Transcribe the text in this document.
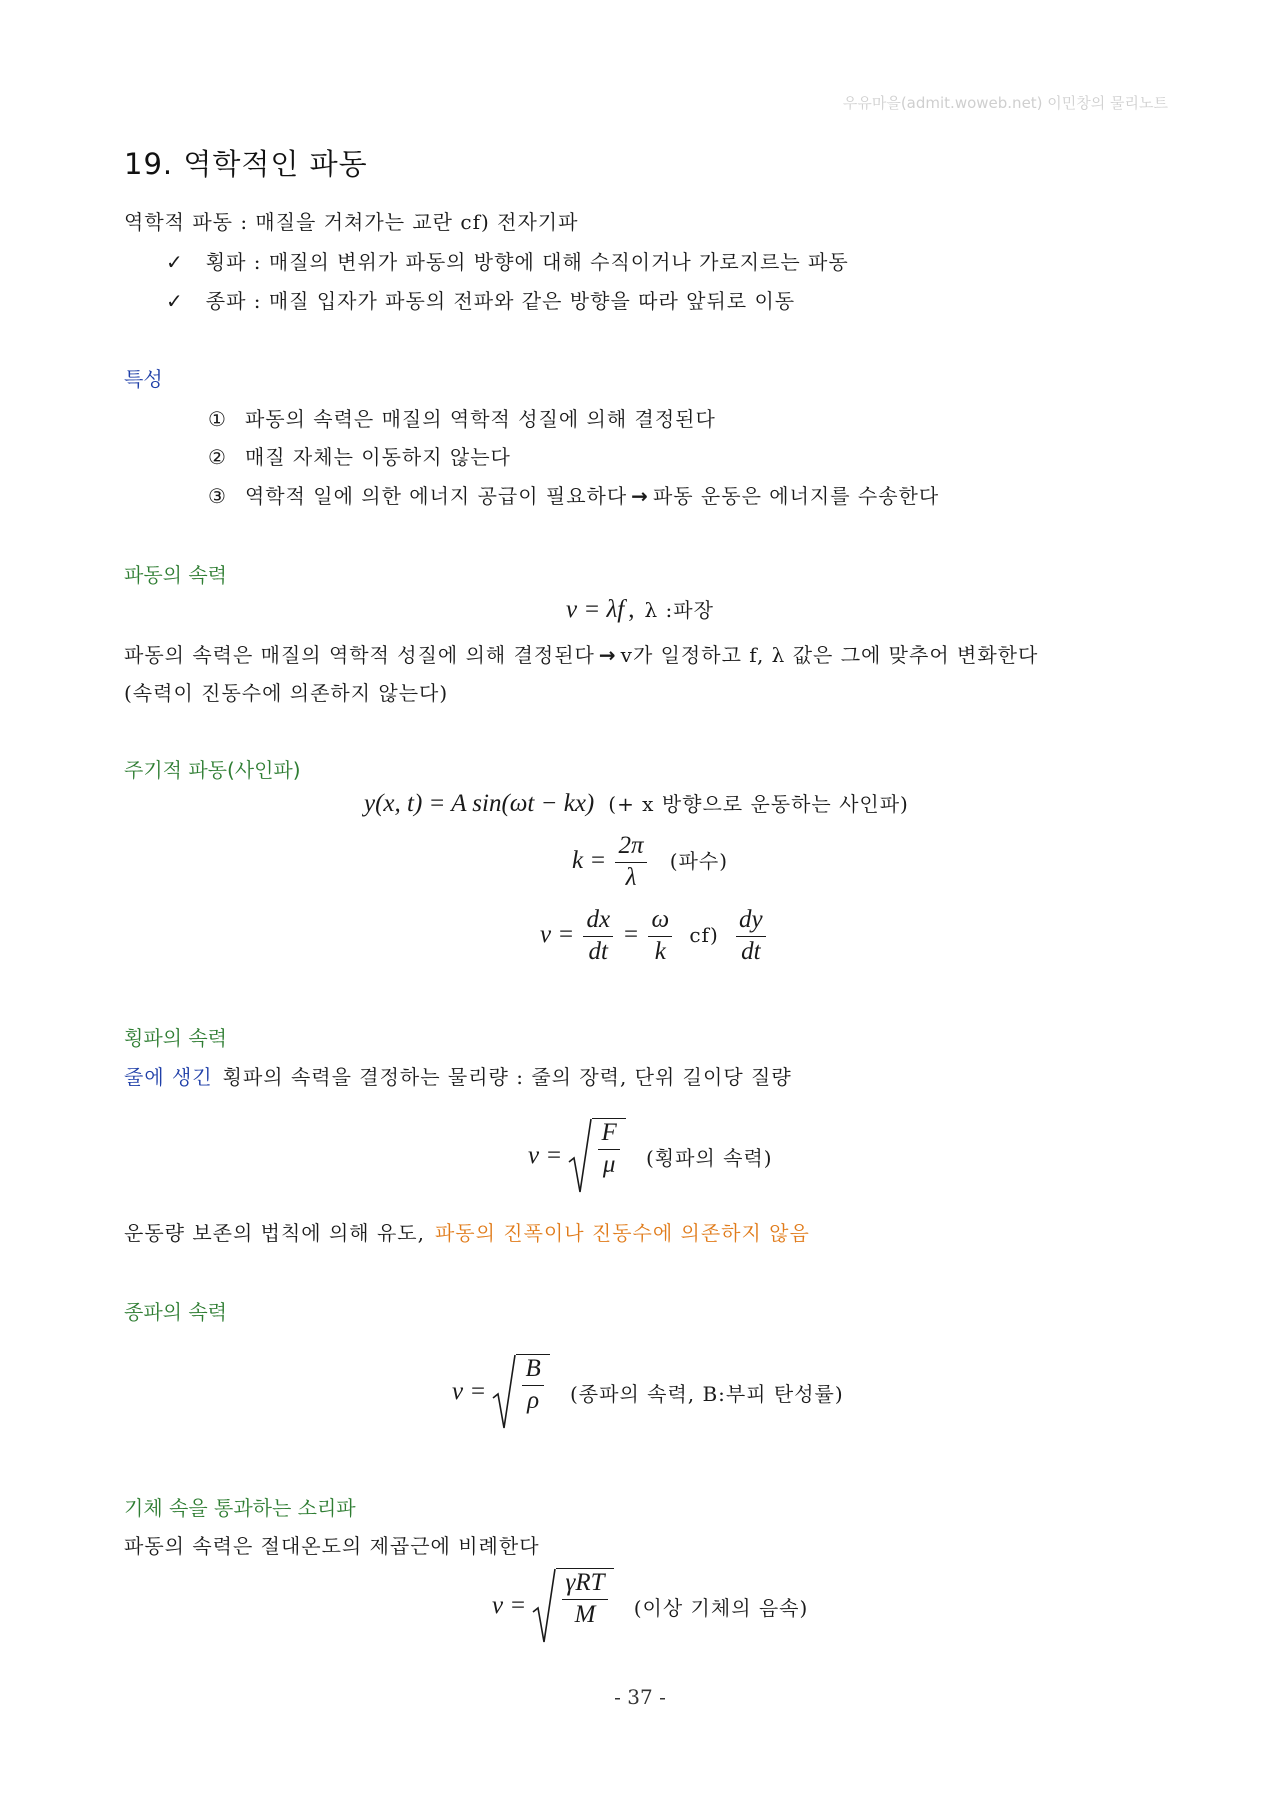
우유마을(admit.woweb.net) 이민창의 물리노트
19. 역학적인 파동
역학적 파동 : 매질을 거쳐가는 교란 cf) 전자기파
✓ 횡파 : 매질의 변위가 파동의 방향에 대해 수직이거나 가로지르는 파동
✓ 종파 : 매질 입자가 파동의 전파와 같은 방향을 따라 앞뒤로 이동
특성
① 파동의 속력은 매질의 역학적 성질에 의해 결정된다
② 매질 자체는 이동하지 않는다
③ 역학적 일에 의한 에너지 공급이 필요하다 → 파동 운동은 에너지를 수송한다
파동의 속력
v = λf , λ :파장
파동의 속력은 매질의 역학적 성질에 의해 결정된다 → v가 일정하고 f, λ 값은 그에 맞추어 변화한다
(속력이 진동수에 의존하지 않는다)
주기적 파동(사인파)
y(x, t) = A sin(ωt − kx) (+ x 방향으로 운동하는 사인파)
$k = \frac{2\pi}{\lambda}$ (파수)
$v = \frac{dx}{dt} = \frac{\omega}{k} cf) \frac{dy}{dt}$
횡파의 속력
줄에 생긴 횡파의 속력을 결정하는 물리량 : 줄의 장력, 단위 길이당 질량
$v = \frac{F}{\mu}$ (횡파의 속력)
운동량 보존의 법칙에 의해 유도, 파동의 진폭이나 진동수에 의존하지 않음
종파의 속력
$v = \frac{B}{\rho}$ (종파의 속력, B:부피 탄성률)
기체 속을 통과하는 소리파
파동의 속력은 절대온도의 제곱근에 비례한다
$v = \frac{\text{γRT}}{M}$ (이상 기체의 음속)
- 37 -
